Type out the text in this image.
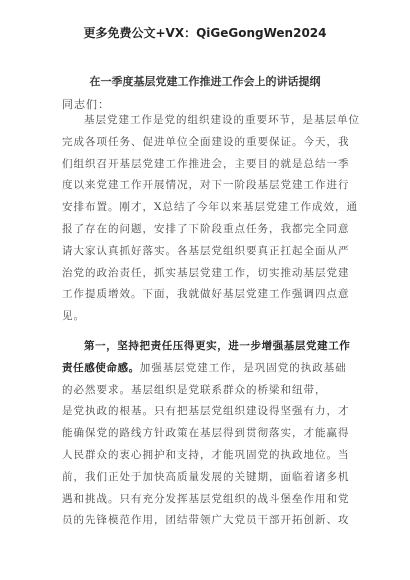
更多免费公文+VX：QiGeGongWen2024
在一季度基层党建工作推进工作会上的讲话提纲
同志们：
基层党建工作是党的组织建设的重要环节，是基层单位
完成各项任务、促进单位全面建设的重要保证。今天，我
们组织召开基层党建工作推进会，主要目的就是总结一季
度以来党建工作开展情况，对下一阶段基层党建工作进行
安排布置。刚才，X总结了今年以来基层党建工作成效，通
报了存在的问题，安排了下阶段重点任务，我都完全同意
请大家认真抓好落实。各基层党组织要真正扛起全面从严
治党的政治责任，抓实基层党建工作，切实推动基层党建
工作提质增效。下面，我就做好基层党建工作强调四点意
见。
第一，坚持把责任压得更实，进一步增强基层党建工作
责任感使命感。加强基层党建工作，是巩固党的执政基础
的必然要求。基层组织是党联系群众的桥梁和纽带，
是党执政的根基。只有把基层党组织建设得坚强有力，才
能确保党的路线方针政策在基层得到贯彻落实，才能赢得
人民群众的衷心拥护和支持，才能巩固党的执政地位。当
前，我们正处于加快高质量发展的关键期，面临着诸多机
遇和挑战。只有充分发挥基层党组织的战斗堡垒作用和党
员的先锋模范作用，团结带领广大党员干部开拓创新、攻
